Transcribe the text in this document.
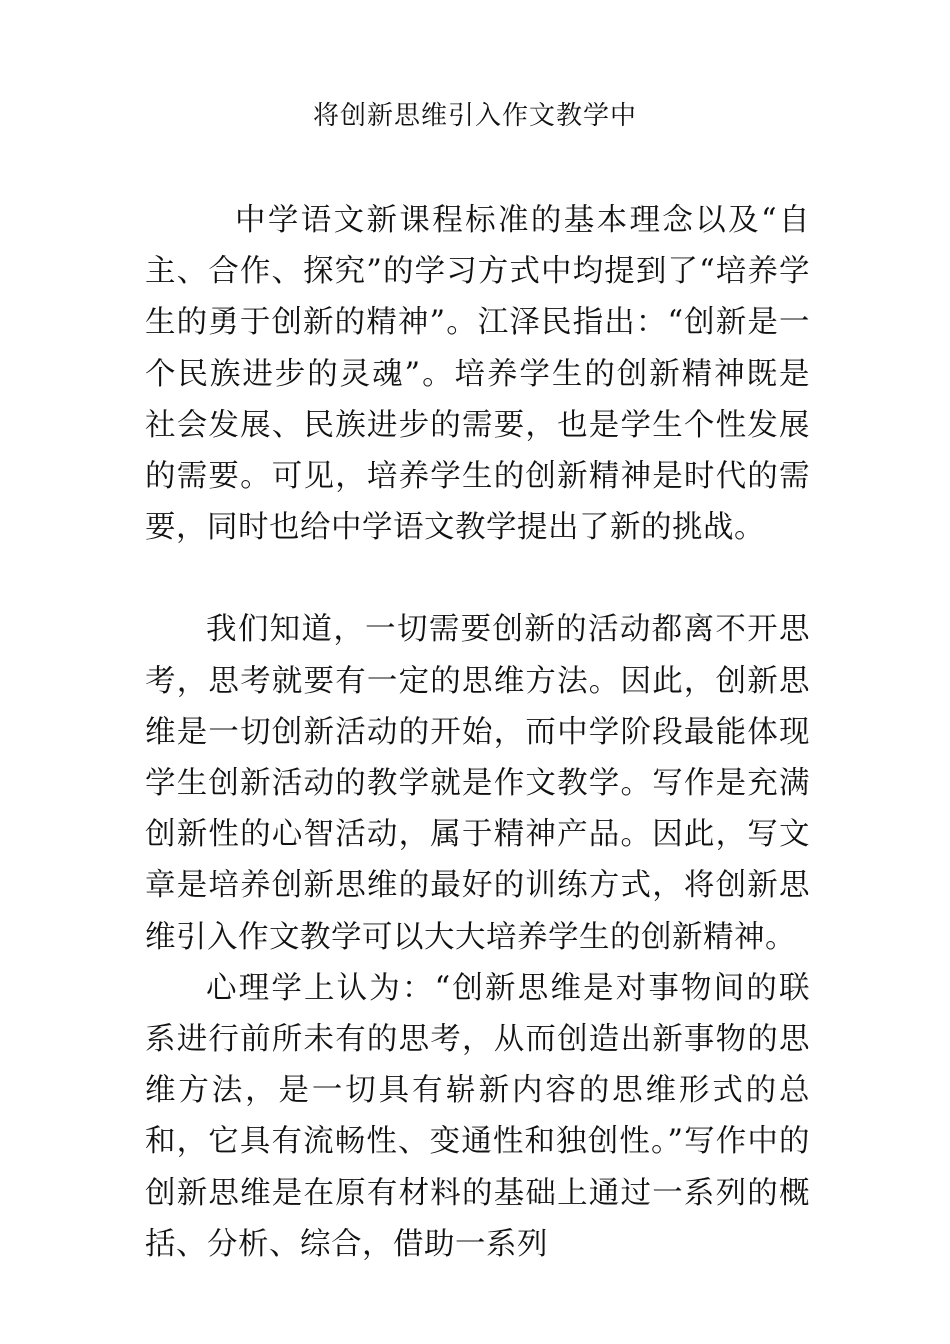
将创新思维引入作文教学中

中学语文新课程标准的基本理念以及“自主、合作、探究”的学习方式中均提到了“培养学生的勇于创新的精神”。江泽民指出：“创新是一个民族进步的灵魂”。培养学生的创新精神既是社会发展、民族进步的需要，也是学生个性发展的需要。可见，培养学生的创新精神是时代的需要，同时也给中学语文教学提出了新的挑战。

我们知道，一切需要创新的活动都离不开思考，思考就要有一定的思维方法。因此，创新思维是一切创新活动的开始，而中学阶段最能体现学生创新活动的教学就是作文教学。写作是充满创新性的心智活动，属于精神产品。因此，写文章是培养创新思维的最好的训练方式，将创新思维引入作文教学可以大大培养学生的创新精神。

心理学上认为：“创新思维是对事物间的联系进行前所未有的思考，从而创造出新事物的思维方法，是一切具有崭新内容的思维形式的总和，它具有流畅性、变通性和独创性。”写作中的创新思维是在原有材料的基础上通过一系列的概括、分析、综合，借助一系列
